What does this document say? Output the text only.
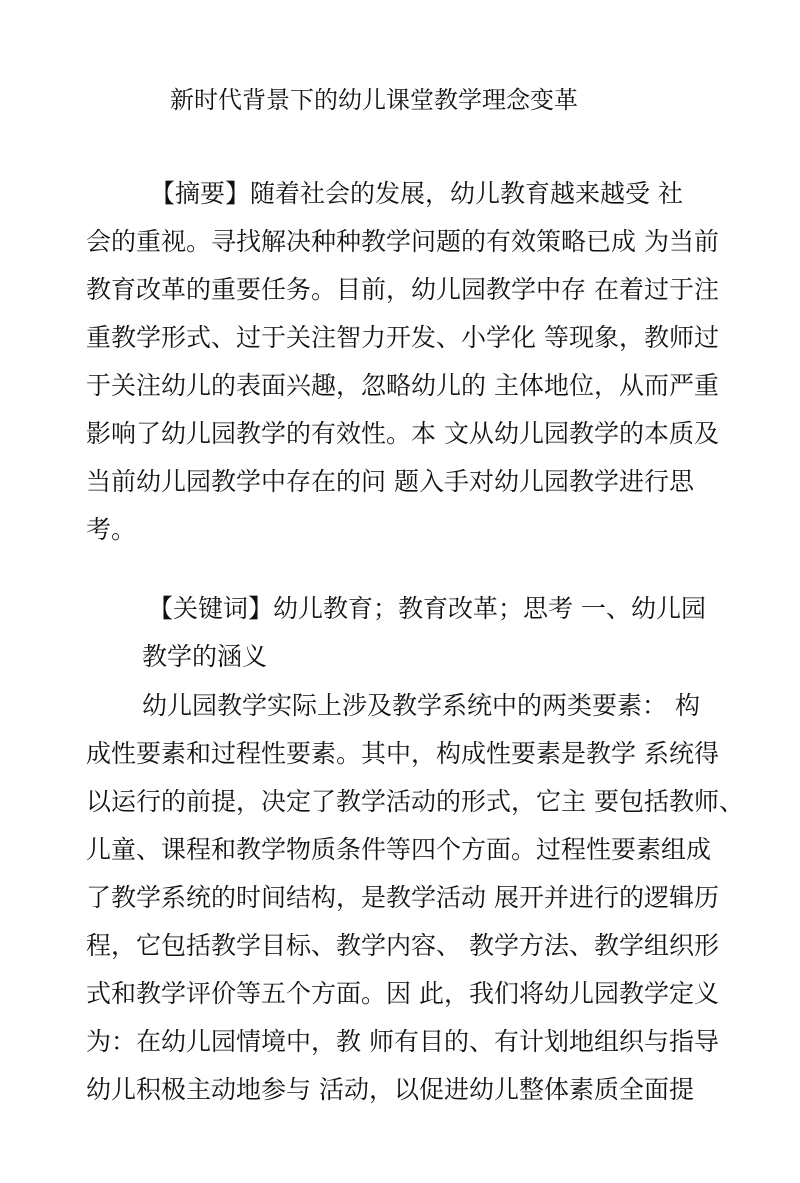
新时代背景下的幼儿课堂教学理念变革
【摘要】随着社会的发展，幼儿教育越来越受 社
会的重视。寻找解决种种教学问题的有效策略已成 为当前
教育改革的重要任务。目前，幼儿园教学中存 在着过于注
重教学形式、过于关注智力开发、小学化 等现象，教师过
于关注幼儿的表面兴趣，忽略幼儿的 主体地位，从而严重
影响了幼儿园教学的有效性。本 文从幼儿园教学的本质及
当前幼儿园教学中存在的问 题入手对幼儿园教学进行思
考。
【关键词】幼儿教育；教育改革；思考 一、幼儿园
教学的涵义
幼儿园教学实际上涉及教学系统中的两类要素： 构
成性要素和过程性要素。其中，构成性要素是教学 系统得
以运行的前提，决定了教学活动的形式，它主 要包括教师、
儿童、课程和教学物质条件等四个方面。过程性要素组成
了教学系统的时间结构，是教学活动 展开并进行的逻辑历
程，它包括教学目标、教学内容、 教学方法、教学组织形
式和教学评价等五个方面。因 此，我们将幼儿园教学定义
为：在幼儿园情境中，教 师有目的、有计划地组织与指导
幼儿积极主动地参与 活动，以促进幼儿整体素质全面提
